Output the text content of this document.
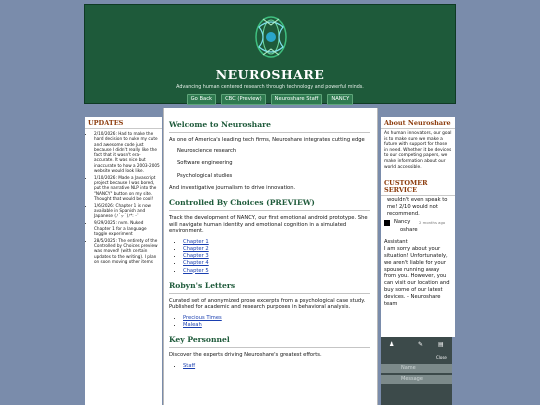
NEUROSHARE
Advancing human centered research through technology and powerful minds.
Go Back	CBC (Preview)	Neuroshare Staff	NANCY
UPDATES
• 2/10/2026: Had to make the hard decision to nuke my cute and awesome code just because I didn't really like the fact that it wasn't era-accurate. It was nice but inaccurate to how a 2003-2005 website would look like.
• 1/10/2026: Made a Javascript project because I was bored, put the narrative NLP into the "NANCY" button on my site. Thought that would be cool!
• 1/6/2026: Chapter 1 is now available in Spanish and Japanese (ﾉ´ヮ`)ﾉ*: ･ﾟ
• 9/29/2025: nvm. Nuked Chapter 1 for a language toggle experiment
• 28/5/2025: The entirety of the Controlled by Choices preview was moved! (with certain updates to the writing). I plan on soon moving other items
Welcome to Neuroshare

As one of America's leading tech firms, Neuroshare integrates cutting edge

Neuroscience research
Software engineering
Psychological studies

And investigative journalism to drive innovation.

Controlled By Choices (PREVIEW)

Track the development of NANCY, our first emotional android prototype. She will navigate human identity and emotional cognition in a simulated environment.

• Chapter 1
• Chapter 2
• Chapter 3
• Chapter 4
• Chapter 5
Robyn's Letters

Curated set of anonymized prose excerpts from a psychological case study. Published for academic and research purposes in behavioral analysis.

• Precious Times
• Maleah
Key Personnel

Discover the experts driving Neuroshare's greatest efforts.

• Staff
About Neuroshare
As human innovators, our goal is to make sure we make a future with support for those in need. Whether it be devices to our competing papers, we make information about our world accessible.
CUSTOMER SERVICE
wouldn't even speak to me! 2/10 would not recommend.
Nancy	2 months ago
oshare
Assistant
I am sorry about your situation! Unfortunately, we aren't liable for your spouse running away from you. However, you can visit our location and buy some of our latest devices. - Neuroshare team
♟	✎ ▤
Close
Name
Message
